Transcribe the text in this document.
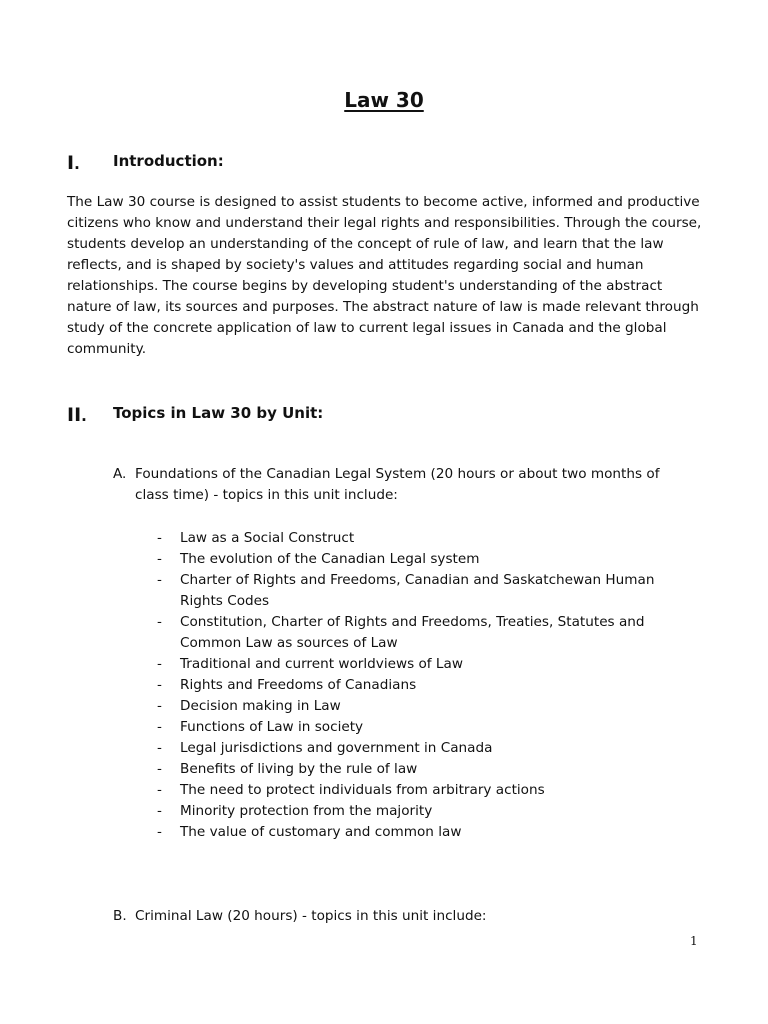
Law 30
I . Introduction:

The Law 30 course is designed to assist students to become active, informed and productive citizens who know and understand their legal rights and responsibilities. Through the course, students develop an understanding of the concept of rule of law, and learn that the law reflects, and is shaped by society's values and attitudes regarding social and human relationships. The course begins by developing student's understanding of the abstract nature of law, its sources and purposes. The abstract nature of law is made relevant through study of the concrete application of law to current legal issues in Canada and the global community.

II . Topics in Law 30 by Unit:
A. Foundations of the Canadian Legal System (20 hours or about two months of class time) - topics in this unit include:
- Law as a Social Construct
- The evolution of the Canadian Legal system
- Charter of Rights and Freedoms, Canadian and Saskatchewan Human Rights Codes
- Constitution, Charter of Rights and Freedoms, Treaties, Statutes and Common Law as sources of Law
- Traditional and current worldviews of Law
- Rights and Freedoms of Canadians
- Decision making in Law
- Functions of Law in society
- Legal jurisdictions and government in Canada
- Benefits of living by the rule of law
- The need to protect individuals from arbitrary actions
- Minority protection from the majority
- The value of customary and common law
B. Criminal Law (20 hours) - topics in this unit include:
1
